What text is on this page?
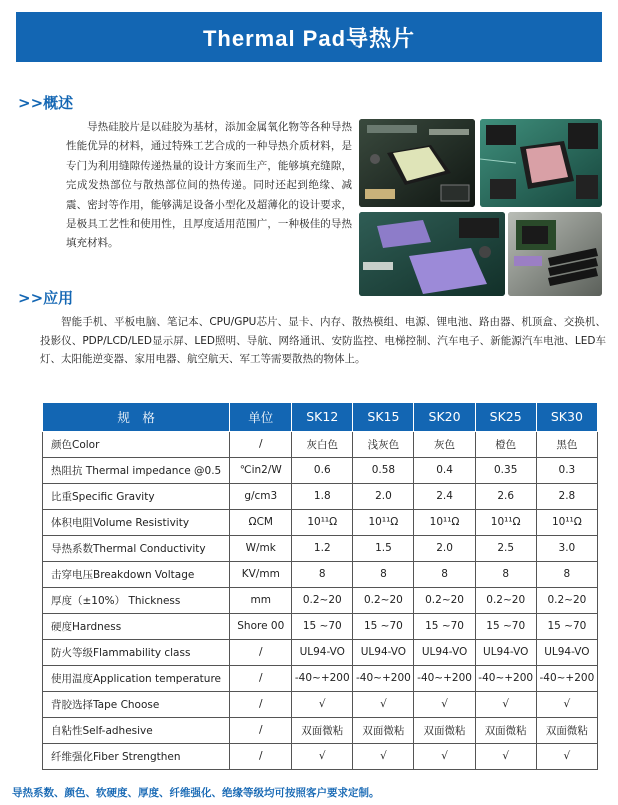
Thermal Pad导热片
>>概述
导热硅胶片是以硅胶为基材，添加金属氧化物等各种导热性能优异的材料，通过特殊工艺合成的一种导热介质材料，是专门为利用缝隙传递热量的设计方案而生产，能够填充缝隙，完成发热部位与散热部位间的热传递。同时还起到绝缘、减震、密封等作用，能够满足设备小型化及超薄化的设计要求，是极具工艺性和使用性，且厚度适用范围广，一种极佳的导热填充材料。
>>应用
智能手机、平板电脑、笔记本、CPU/GPU芯片、显卡、内存、散热模组、电源、锂电池、路由器、机顶盒、交换机、投影仪、PDP/LCD/LED显示屏、LED照明、导航、网络通讯、安防监控、电梯控制、汽车电子、新能源汽车电池、LED车灯、太阳能逆变器、家用电器、航空航天、军工等需要散热的物体上。
规　格	单位	SK12	SK15	SK20	SK25	SK30
颜色Color	/	灰白色	浅灰色	灰色	橙色	黑色
热阻抗 Thermal impedance @0.5	℃in2/W	0.6	0.58	0.4	0.35	0.3
比重Specific Gravity	g/cm3	1.8	2.0	2.4	2.6	2.8
体积电阻Volume Resistivity	ΩCM	10¹¹Ω	10¹¹Ω	10¹¹Ω	10¹¹Ω	10¹¹Ω
导热系数Thermal Conductivity	W/mk	1.2	1.5	2.0	2.5	3.0
击穿电压Breakdown Voltage	KV/mm	8	8	8	8	8
厚度（±10%） Thickness	mm	0.2~20	0.2~20	0.2~20	0.2~20	0.2~20
硬度Hardness	Shore 00	15 ~70	15 ~70	15 ~70	15 ~70	15 ~70
防火等级Flammability class	/	UL94-VO	UL94-VO	UL94-VO	UL94-VO	UL94-VO
使用温度Application temperature	/	-40~+200	-40~+200	-40~+200	-40~+200	-40~+200
背胶选择Tape Choose	/	√	√	√	√	√
自粘性Self-adhesive	/	双面微粘	双面微粘	双面微粘	双面微粘	双面微粘
纤维强化Fiber Strengthen	/	√	√	√	√	√
导热系数、颜色、软硬度、厚度、纤维强化、绝缘等级均可按照客户要求定制。
